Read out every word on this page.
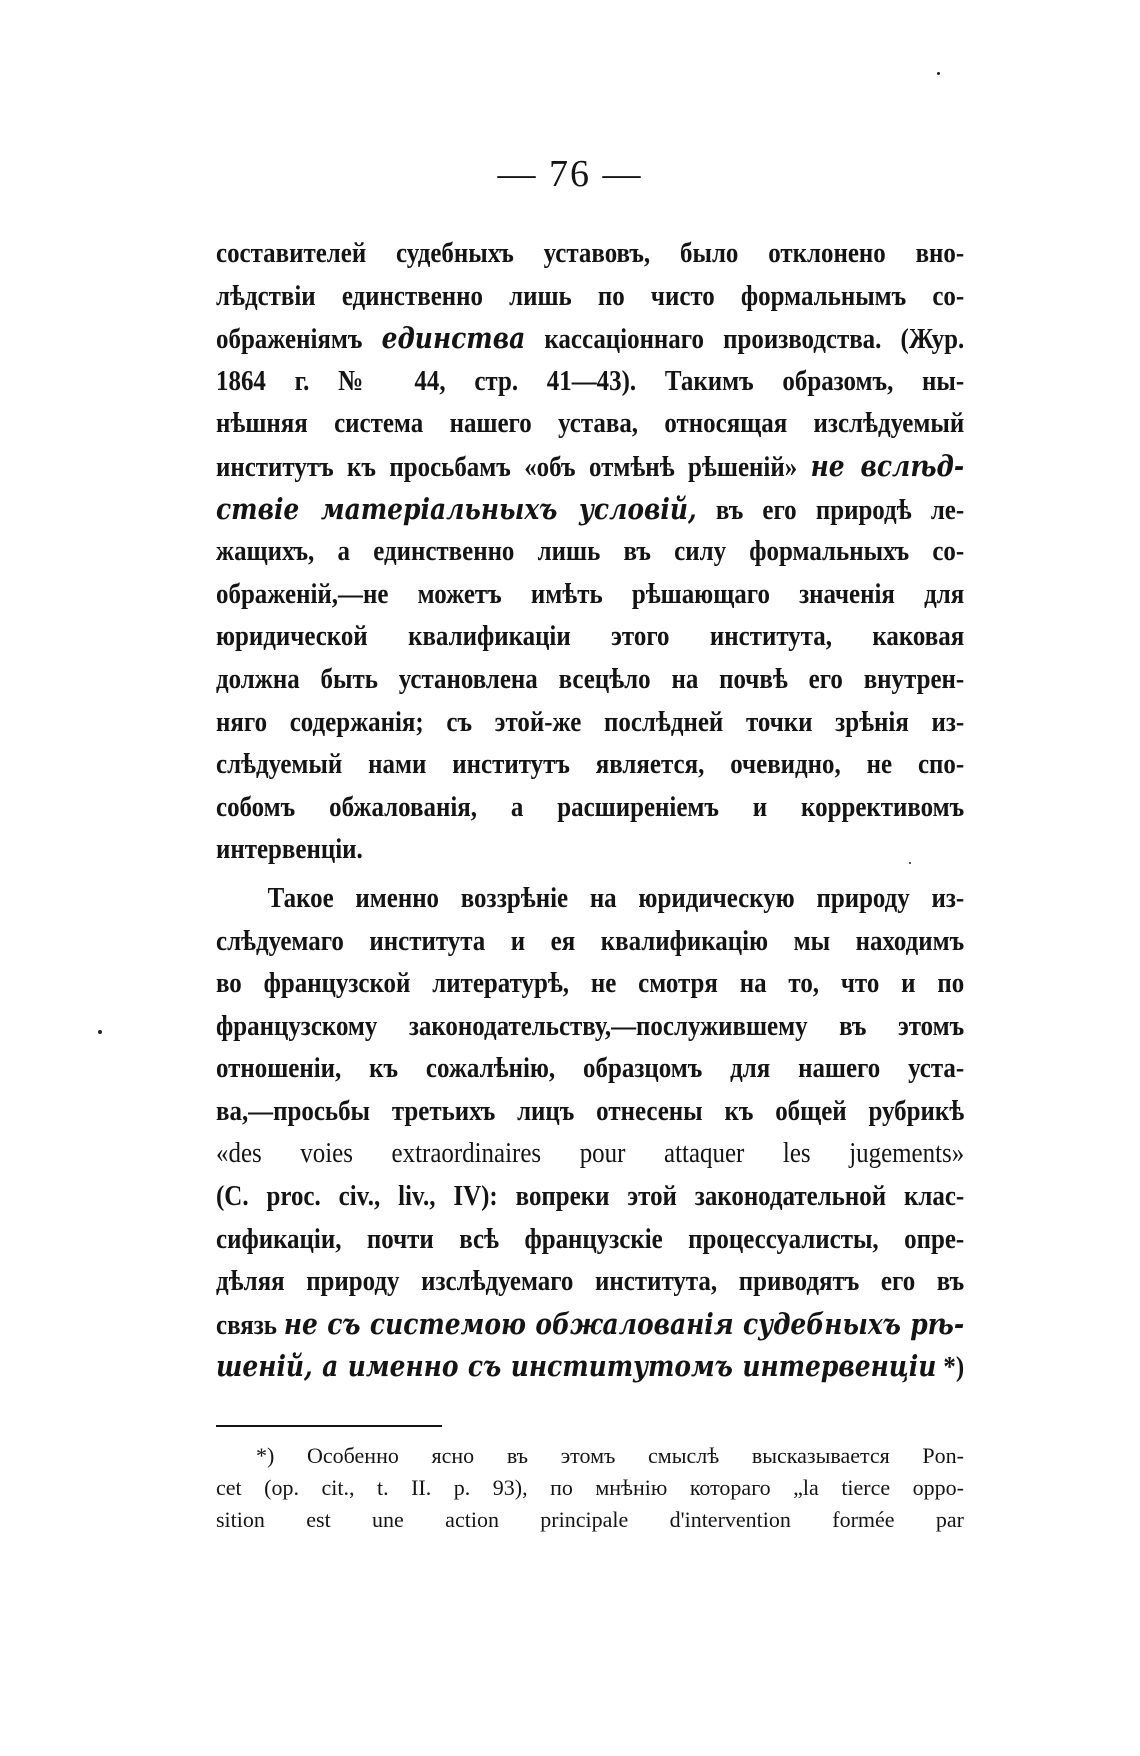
— 76 —

составителей судебныхъ уставовъ, было отклонено вно-
лѣдствіи единственно лишь по чисто формальнымъ со-
ображеніямъ единства кассаціоннаго производства. (Жур.
1864 г. № 44, стр. 41—43). Такимъ образомъ, ны-
нѣшняя система нашего устава, относящая изслѣдуемый
институтъ къ просьбамъ «объ отмѣнѣ рѣшеній» не вслѣд-
ствіе матеріальныхъ условій, въ его природѣ ле-
жащихъ, а единственно лишь въ силу формальныхъ со-
ображеній,—не можетъ имѣть рѣшающаго значенія для
юридической квалификаціи этого института, каковая
должна быть установлена всецѣло на почвѣ его внутрен-
няго содержанія; съ этой-же послѣдней точки зрѣнія из-
слѣдуемый нами институтъ является, очевидно, не спо-
собомъ обжалованія, а расширеніемъ и коррективомъ
интервенціи.

Такое именно воззрѣніе на юридическую природу из-
слѣдуемаго института и ея квалификацію мы находимъ
во французской литературѣ, не смотря на то, что и по
французскому законодательству,—послужившему въ этомъ
отношеніи, къ сожалѣнію, образцомъ для нашего уста-
ва,—просьбы третьихъ лицъ отнесены къ общей рубрикѣ
«des voies extraordinaires pour attaquer les jugements»
(C. proc. civ., liv., IV): вопреки этой законодательной клас-
сификаціи, почти всѣ французскіе процессуалисты, опре-
дѣляя природу изслѣдуемаго института, приводятъ его въ
связь не съ системою обжалованія судебныхъ рѣ-
шеній, а именно съ институтомъ интервенціи *)

*) Особенно ясно въ этомъ смыслѣ высказывается Pon-
cet (op. cit., t. II. p. 93), по мнѣнію котораго „la tierce oppo-
sition est une action principale d'intervention formée par
